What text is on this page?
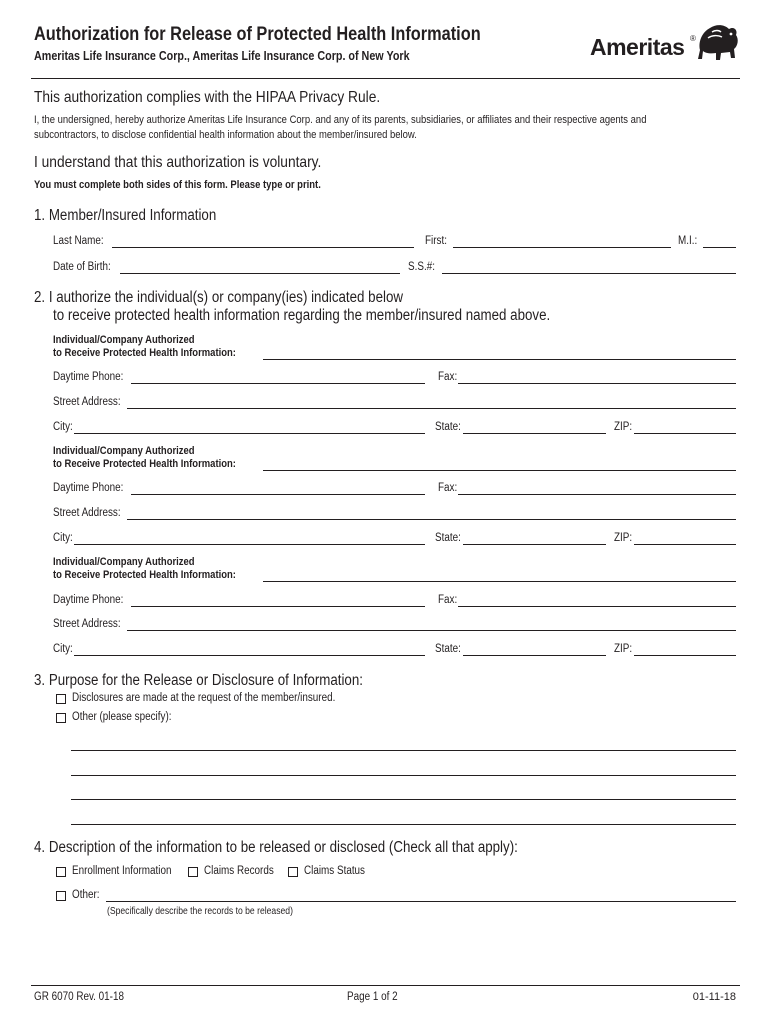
Authorization for Release of Protected Health Information
Ameritas Life Insurance Corp., Ameritas Life Insurance Corp. of New York	Ameritas ®
This authorization complies with the HIPAA Privacy Rule.
I, the undersigned, hereby authorize Ameritas Life Insurance Corp. and any of its parents, subsidiaries, or affiliates and their respective agents and
subcontractors, to disclose confidential health information about the member/insured below.
I understand that this authorization is voluntary.
You must complete both sides of this form. Please type or print.
1. Member/Insured Information
Last Name:	First:	M.I.:
Date of Birth:	S.S.#:
2. I authorize the individual(s) or company(ies) indicated below
to receive protected health information regarding the member/insured named above.
Individual/Company Authorized
to Receive Protected Health Information:
Daytime Phone:	Fax:
Street Address:
City:	State:	ZIP:
Individual/Company Authorized
to Receive Protected Health Information:
Daytime Phone:	Fax:
Street Address:
City:	State:	ZIP:
Individual/Company Authorized
to Receive Protected Health Information:
Daytime Phone:	Fax:
Street Address:
City:	State:	ZIP:
3. Purpose for the Release or Disclosure of Information:
Disclosures are made at the request of the member/insured.
Other (please specify):
4. Description of the information to be released or disclosed (Check all that apply):
Enrollment Information	Claims Records	Claims Status
Other:
(Specifically describe the records to be released)
GR 6070 Rev. 01-18	Page 1 of 2	01-11-18
